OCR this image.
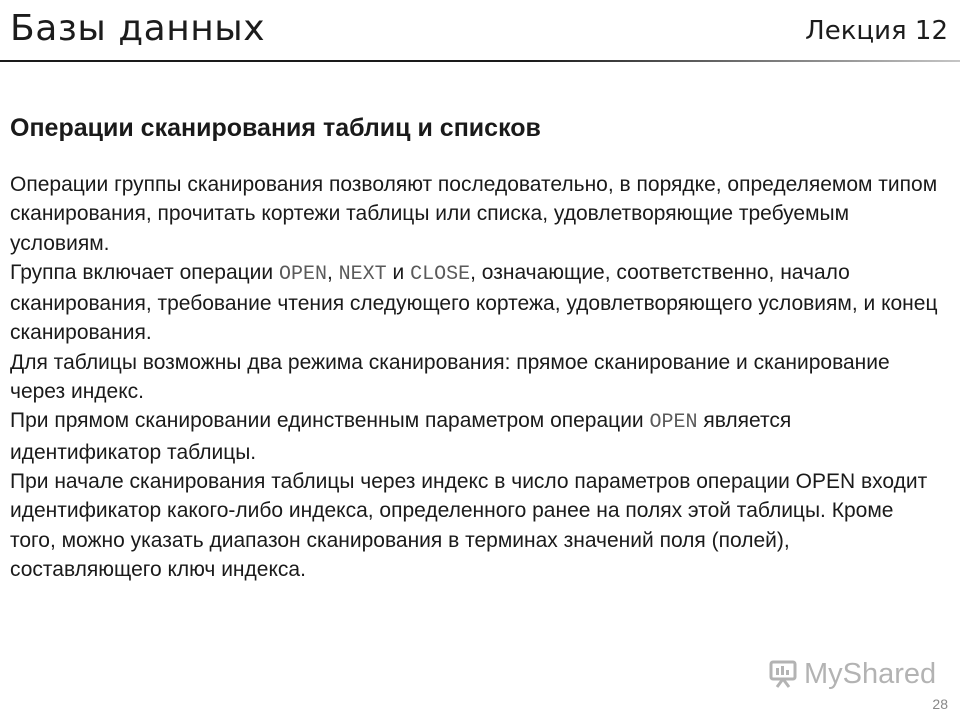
Базы данных	Лекция 12
Операции сканирования таблиц и списков

Операции группы сканирования позволяют последовательно, в порядке, определяемом типом сканирования, прочитать кортежи таблицы или списка, удовлетворяющие требуемым условиям.

Группа включает операции OPEN, NEXT и CLOSE, означающие, соответственно, начало сканирования, требование чтения следующего кортежа, удовлетворяющего условиям, и конец сканирования.

Для таблицы возможны два режима сканирования: прямое сканирование и сканирование через индекс.

При прямом сканировании единственным параметром операции OPEN является идентификатор таблицы.

При начале сканирования таблицы через индекс в число параметров операции OPEN входит идентификатор какого-либо индекса, определенного ранее на полях этой таблицы. Кроме того, можно указать диапазон сканирования в терминах значений поля (полей), составляющего ключ индекса.

MyShared
28
